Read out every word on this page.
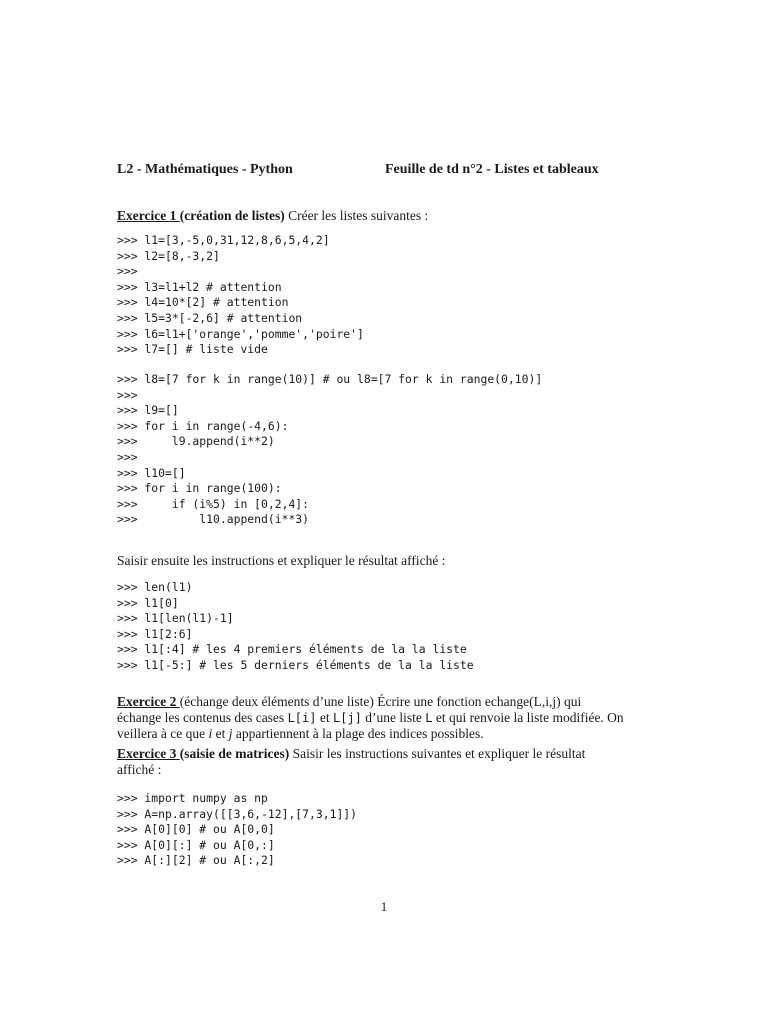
L2 - Mathématiques - Python	Feuille de td n°2 - Listes et tableaux
Exercice 1 (création de listes) Créer les listes suivantes :
>>> l1=[3,-5,0,31,12,8,6,5,4,2]
>>> l2=[8,-3,2]
>>>
>>> l3=l1+l2 # attention
>>> l4=10*[2] # attention
>>> l5=3*[-2,6] # attention
>>> l6=l1+['orange','pomme','poire']
>>> l7=[] # liste vide
>>> l8=[7 for k in range(10)] # ou l8=[7 for k in range(0,10)]
>>>
>>> l9=[]
>>> for i in range(-4,6):
>>>     l9.append(i**2)
>>>
>>> l10=[]
>>> for i in range(100):
>>>     if (i%5) in [0,2,4]:
>>>         l10.append(i**3)
Saisir ensuite les instructions et expliquer le résultat affiché :
>>> len(l1)
>>> l1[0]
>>> l1[len(l1)-1]
>>> l1[2:6]
>>> l1[:4] # les 4 premiers éléments de la la liste
>>> l1[-5:] # les 5 derniers éléments de la la liste
Exercice 2 (échange deux éléments d’une liste) Écrire une fonction echange(L,i,j) qui échange les contenus des cases L[i] et L[j] d’une liste L et qui renvoie la liste modifiée. On veillera à ce que i et j appartiennent à la plage des indices possibles.
Exercice 3 (saisie de matrices) Saisir les instructions suivantes et expliquer le résultat affiché :
>>> import numpy as np
>>> A=np.array([[3,6,-12],[7,3,1]])
>>> A[0][0] # ou A[0,0]
>>> A[0][:] # ou A[0,:]
>>> A[:][2] # ou A[:,2]
1
